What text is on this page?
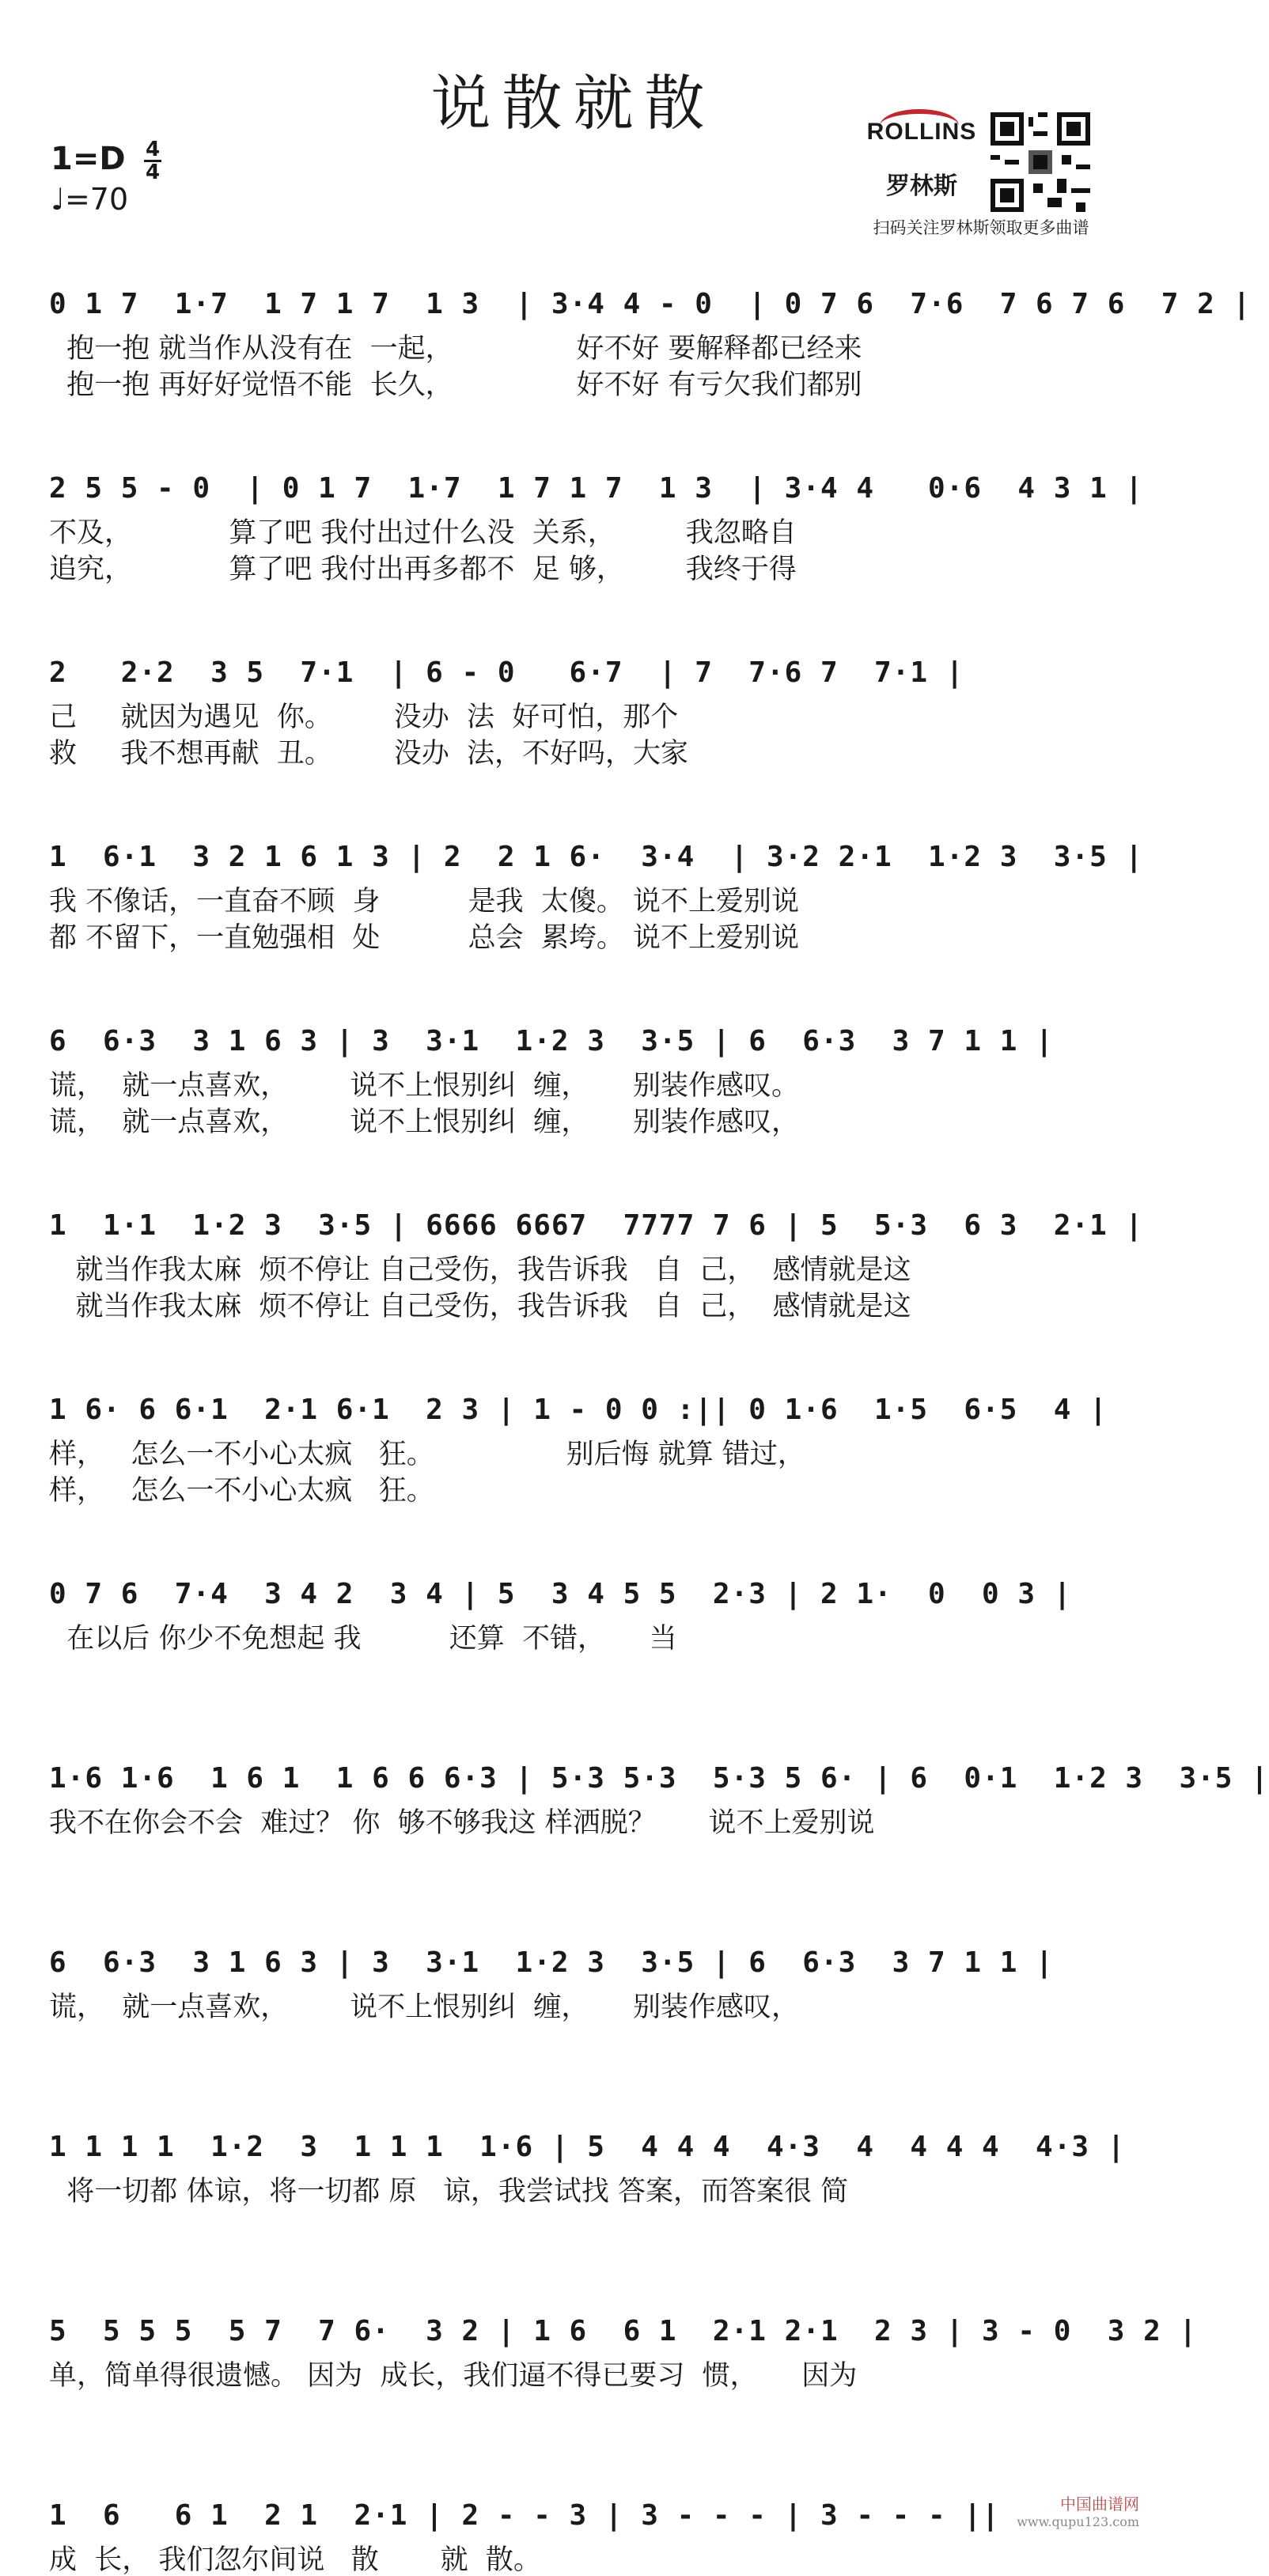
说散就散
1=D 4
4
♩=70
ROLLINS
罗林斯
扫码关注罗林斯领取更多曲谱
0 1 7  1·7  1 7 1 7  1 3  | 3·4 4 - 0  | 0 7 6  7·6  7 6 7 6  7 2 |
抱一抱 就当作从没有在  一起，              好不好 要解释都已经来
抱一抱 再好好觉悟不能  长久，              好不好 有亏欠我们都别
2 5 5 - 0  | 0 1 7  1·7  1 7 1 7  1 3  | 3·4 4   0·6  4 3 1 |
不及，           算了吧 我付出过什么没  关系，        我忽略自
追究，           算了吧 我付出再多都不  足 够，       我终于得
2   2·2  3 5  7·1  | 6 - 0   6·7  | 7  7·6 7  7·1 |
己     就因为遇见  你。       没办  法  好可怕，那个
救     我不想再献  丑。       没办  法，不好吗，大家
1  6·1  3 2 1 6 1 3 | 2  2 1 6·  3·4  | 3·2 2·1  1·2 3  3·5 |
我 不像话，一直奋不顾  身          是我  太傻。 说不上爱别说
都 不留下，一直勉强相  处          总会  累垮。 说不上爱别说
6  6·3  3 1 6 3 | 3  3·1  1·2 3  3·5 | 6  6·3  3 7 1 1 |
谎，  就一点喜欢，       说不上恨别纠  缠，     别装作感叹。
谎，  就一点喜欢，       说不上恨别纠  缠，     别装作感叹，
1  1·1  1·2 3  3·5 | 6666 6667  7777 7 6 | 5  5·3  6 3  2·1 |
就当作我太麻  烦不停让 自己受伤，我告诉我   自  己，  感情就是这
就当作我太麻  烦不停让 自己受伤，我告诉我   自  己，  感情就是这
1 6· 6 6·1  2·1 6·1  2 3 | 1 - 0 0 :|| 0 1·6  1·5  6·5  4 |
样，   怎么一不小心太疯   狂。               别后悔 就算 错过，
样，   怎么一不小心太疯   狂。
0 7 6  7·4  3 4 2  3 4 | 5  3 4 5 5  2·3 | 2 1·  0  0 3 |
在以后 你少不免想起 我          还算  不错，     当
1·6 1·6  1 6 1  1 6 6 6·3 | 5·3 5·3  5·3 5 6· | 6  0·1  1·2 3  3·5 |
我不在你会不会  难过？ 你  够不够我这 样洒脱？      说不上爱别说
6  6·3  3 1 6 3 | 3  3·1  1·2 3  3·5 | 6  6·3  3 7 1 1 |
谎，  就一点喜欢，       说不上恨别纠  缠，     别装作感叹，
1 1 1 1  1·2  3  1 1 1  1·6 | 5  4 4 4  4·3  4  4 4 4  4·3 |
将一切都 体谅，将一切都 原   谅，我尝试找 答案，而答案很 简
5  5 5 5  5 7  7 6·  3 2 | 1 6  6 1  2·1 2·1  2 3 | 3 - 0  3 2 |
单，简单得很遗憾。 因为  成长，我们逼不得已要习  惯，     因为
1  6   6 1  2 1  2·1 | 2 - - 3 | 3 - - - | 3 - - - ||
成  长， 我们忽尔间说   散       就  散。
中国曲谱网
www.qupu123.com
